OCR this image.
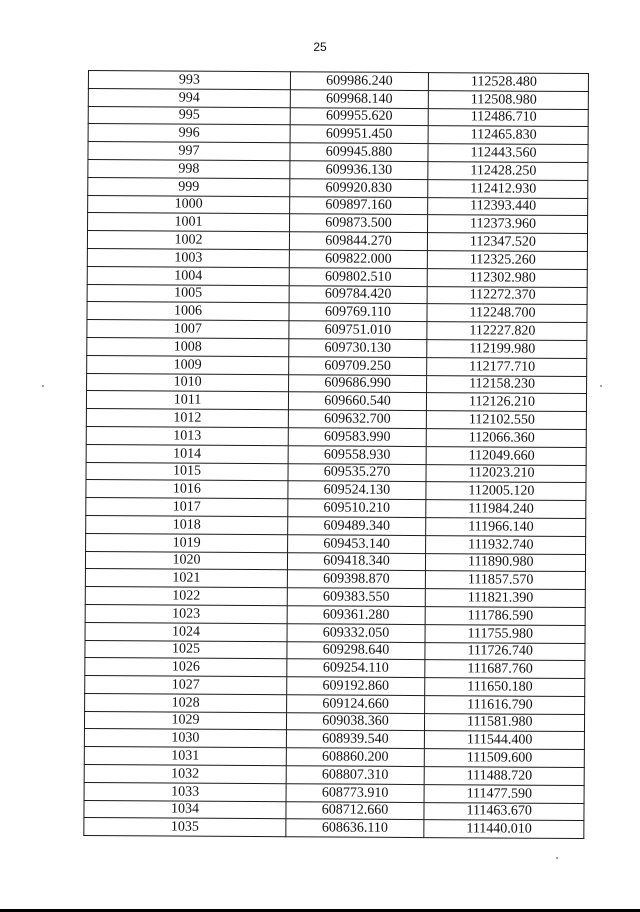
25
993	609986.240	112528.480
994	609968.140	112508.980
995	609955.620	112486.710
996	609951.450	112465.830
997	609945.880	112443.560
998	609936.130	112428.250
999	609920.830	112412.930
1000	609897.160	112393.440
1001	609873.500	112373.960
1002	609844.270	112347.520
1003	609822.000	112325.260
1004	609802.510	112302.980
1005	609784.420	112272.370
1006	609769.110	112248.700
1007	609751.010	112227.820
1008	609730.130	112199.980
1009	609709.250	112177.710
1010	609686.990	112158.230
1011	609660.540	112126.210
1012	609632.700	112102.550
1013	609583.990	112066.360
1014	609558.930	112049.660
1015	609535.270	112023.210
1016	609524.130	112005.120
1017	609510.210	111984.240
1018	609489.340	111966.140
1019	609453.140	111932.740
1020	609418.340	111890.980
1021	609398.870	111857.570
1022	609383.550	111821.390
1023	609361.280	111786.590
1024	609332.050	111755.980
1025	609298.640	111726.740
1026	609254.110	111687.760
1027	609192.860	111650.180
1028	609124.660	111616.790
1029	609038.360	111581.980
1030	608939.540	111544.400
1031	608860.200	111509.600
1032	608807.310	111488.720
1033	608773.910	111477.590
1034	608712.660	111463.670
1035	608636.110	111440.010
